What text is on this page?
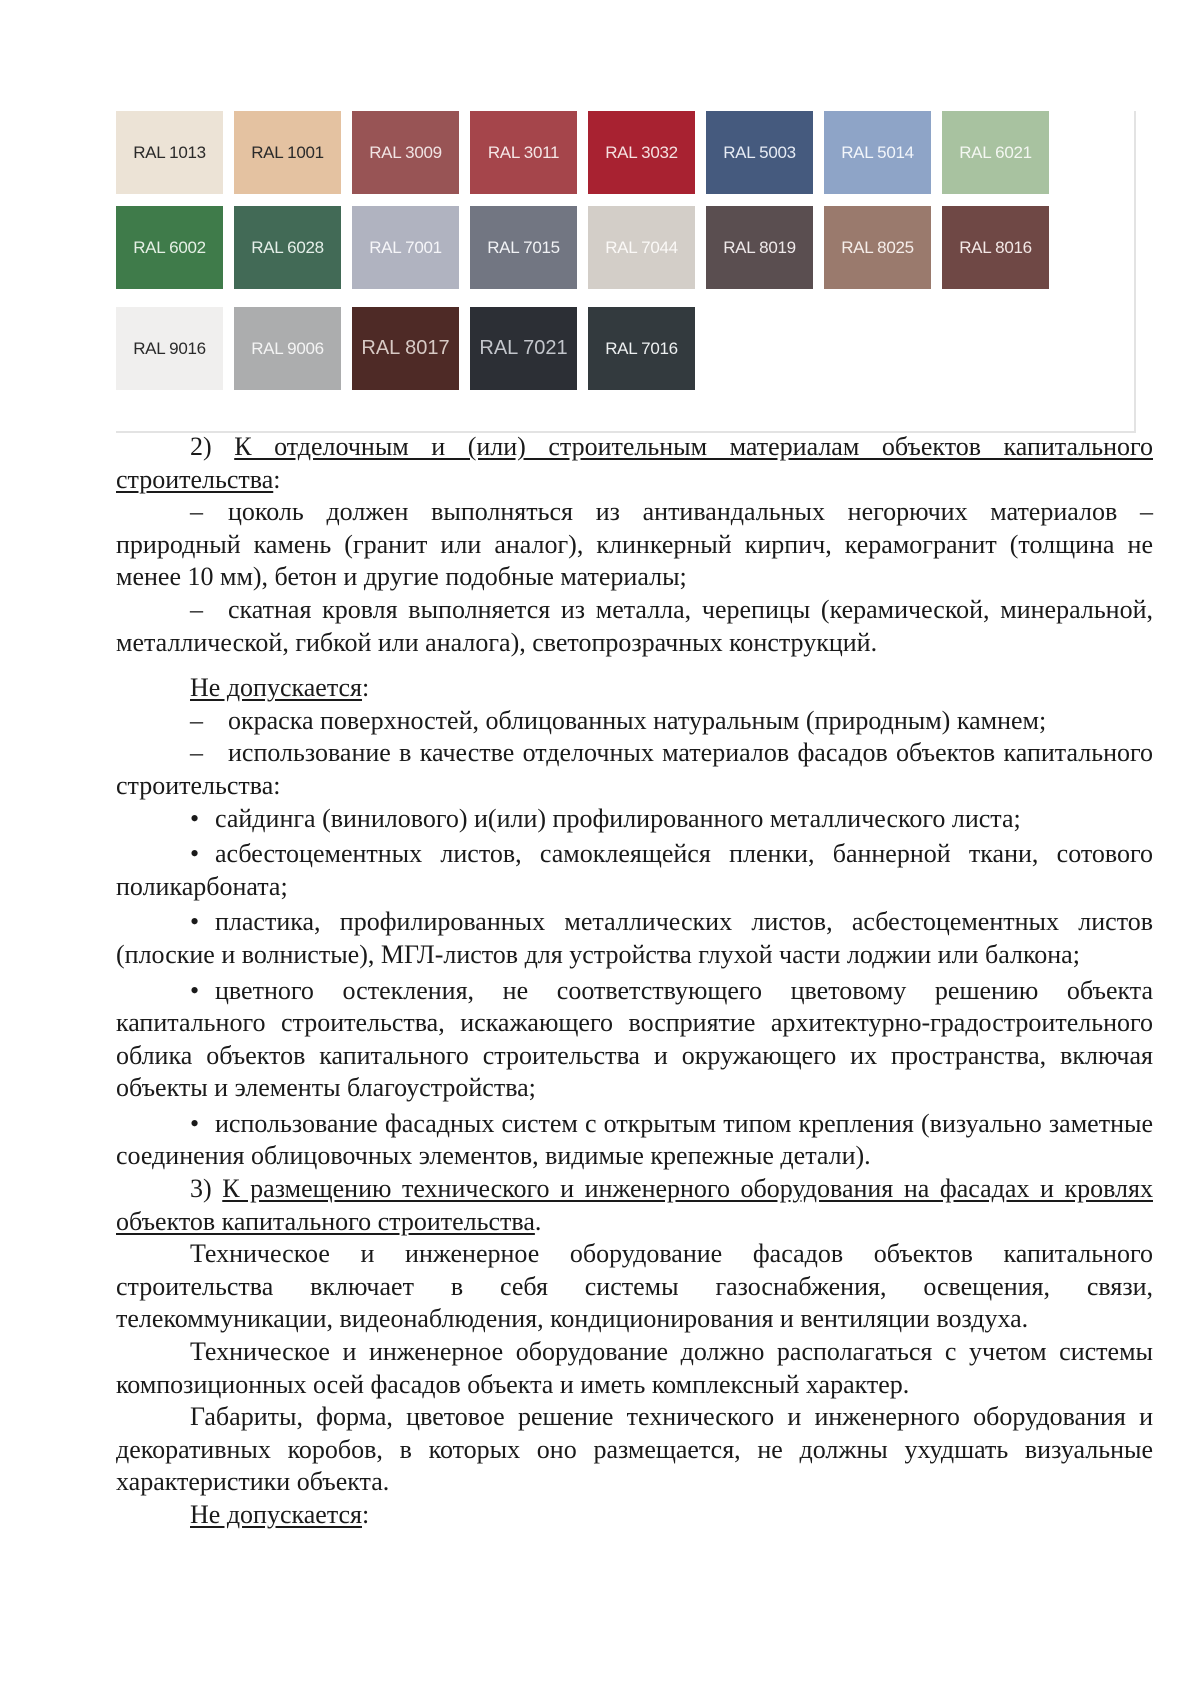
RAL 1013	RAL 1001	RAL 3009	RAL 3011	RAL 3032	RAL 5003	RAL 5014	RAL 6021
RAL 6002	RAL 6028	RAL 7001	RAL 7015	RAL 7044	RAL 8019	RAL 8025	RAL 8016
RAL 9016	RAL 9006	RAL 8017	RAL 7021	RAL 7016

2) К отделочным и (или) строительным материалам объектов капитального строительства:

– цоколь должен выполняться из антивандальных негорючих материалов – природный камень (гранит или аналог), клинкерный кирпич, керамогранит (толщина не менее 10 мм), бетон и другие подобные материалы;

– скатная кровля выполняется из металла, черепицы (керамической, минеральной, металлической, гибкой или аналога), светопрозрачных конструкций.

Не допускается:

– окраска поверхностей, облицованных натуральным (природным) камнем;

– использование в качестве отделочных материалов фасадов объектов капитального строительства:

• сайдинга (винилового) и(или) профилированного металлического листа;

• асбестоцементных листов, самоклеящейся пленки, баннерной ткани, сотового поликарбоната;

• пластика, профилированных металлических листов, асбестоцементных листов (плоские и волнистые), МГЛ-листов для устройства глухой части лоджии или балкона;

• цветного остекления, не соответствующего цветовому решению объекта капитального строительства, искажающего восприятие архитектурно-градостроительного облика объектов капитального строительства и окружающего их пространства, включая объекты и элементы благоустройства;

• использование фасадных систем с открытым типом крепления (визуально заметные соединения облицовочных элементов, видимые крепежные детали).

3) К размещению технического и инженерного оборудования на фасадах и кровлях объектов капитального строительства.

Техническое и инженерное оборудование фасадов объектов капитального строительства включает в себя системы газоснабжения, освещения, связи, телекоммуникации, видеонаблюдения, кондиционирования и вентиляции воздуха.

Техническое и инженерное оборудование должно располагаться с учетом системы композиционных осей фасадов объекта и иметь комплексный характер.

Габариты, форма, цветовое решение технического и инженерного оборудования и декоративных коробов, в которых оно размещается, не должны ухудшать визуальные характеристики объекта.

Не допускается:
